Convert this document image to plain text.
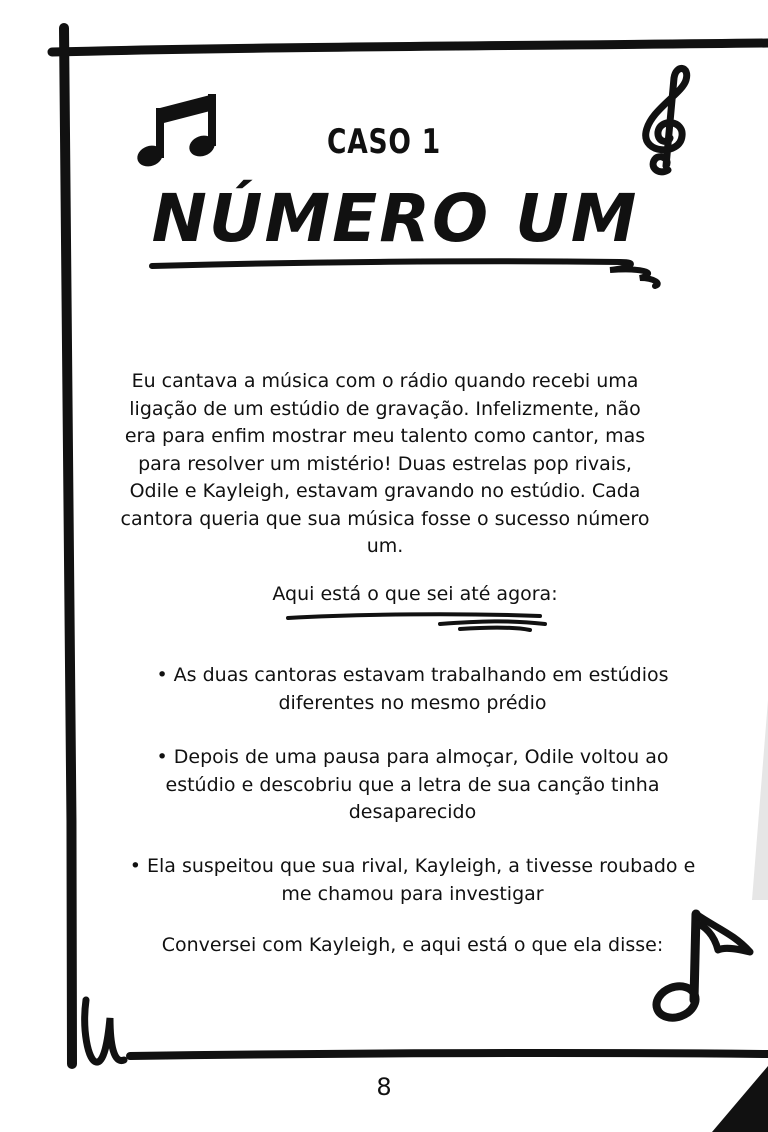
CASO 1
NÚMERO UM
Eu cantava a música com o rádio quando recebi uma ligação de um estúdio de gravação. Infelizmente, não era para enfim mostrar meu talento como cantor, mas para resolver um mistério! Duas estrelas pop rivais, Odile e Kayleigh, estavam gravando no estúdio. Cada cantora queria que sua música fosse o sucesso número um.
Aqui está o que sei até agora:
• As duas cantoras estavam trabalhando em estúdios diferentes no mesmo prédio
• Depois de uma pausa para almoçar, Odile voltou ao estúdio e descobriu que a letra de sua canção tinha desaparecido
• Ela suspeitou que sua rival, Kayleigh, a tivesse roubado e me chamou para investigar
Conversei com Kayleigh, e aqui está o que ela disse:
8
